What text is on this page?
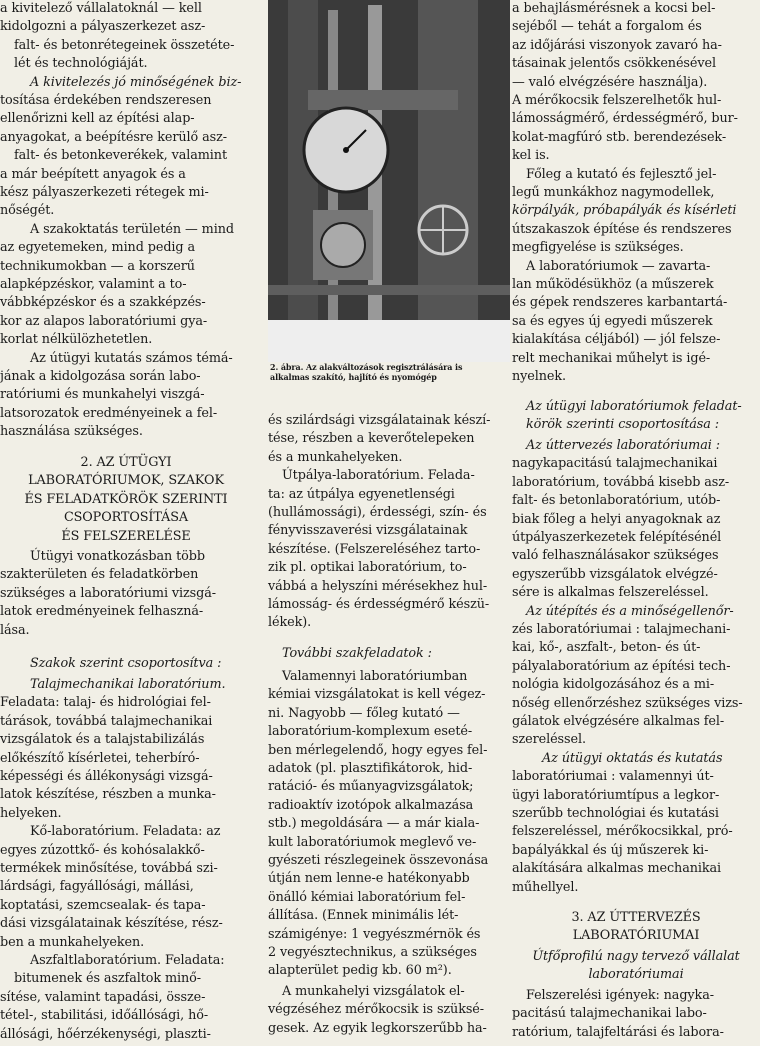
a kivitelező vállalatoknál — kell
kidolgozni a pályaszerkezet asz-
falt- és betonrétegeinek összetéte-
lét és technológiáját.
A kivitelezés jó minőségének biz-
tosítása érdekében rendszeresen
ellenőrizni kell az építési alap-
anyagokat, a beépítésre kerülő asz-
falt- és betonkeverékek, valamint
a már beépített anyagok és a
kész pályaszerkezeti rétegek mi-
nőségét.
A szakoktatás területén — mind
az egyetemeken, mind pedig a
technikumokban — a korszerű
alapképzéskor, valamint a to-
vábbképzéskor és a szakképzés-
kor az alapos laboratóriumi gya-
korlat nélkülözhetetlen.
Az útügyi kutatás számos témá-
jának a kidolgozása során labo-
ratóriumi és munkahelyi viszgá-
latsorozatok eredményeinek a fel-
használása szükséges.
2. AZ ÚTÜGYI
LABORATÓRIUMOK, SZAKOK
ÉS FELADATKÖRÖK SZERINTI
CSOPORTOSÍTÁSA
ÉS FELSZERELÉSE
Útügyi vonatkozásban több
szakterületen és feladatkörben
szükséges a laboratóriumi vizsgá-
latok eredményeinek felhaszná-
lása.
Szakok szerint csoportosítva :
Talajmechanikai laboratórium.
Feladata: talaj- és hidrológiai fel-
tárások, továbbá talajmechanikai
vizsgálatok és a talajstabilizálás
előkészítő kísérletei, teherbíró-
képességi és állékonysági vizsgá-
latok készítése, részben a munka-
helyeken.
Kő-laboratórium. Feladata: az
egyes zúzottkő- és kohósalakkő-
termékek minősítése, továbbá szi-
lárdsági, fagyállósági, mállási,
koptatási, szemcsealak- és tapa-
dási vizsgálatainak készítése, rész-
ben a munkahelyeken.
Aszfaltlaboratórium. Feladata:
bitumenek és aszfaltok minő-
sítése, valamint tapadási, össze-
tétel-, stabilitási, időállósági, hő-
állósági, hőérzékenységi, plaszti-
2. ábra. Az alakváltozások regisztrálására is
alkalmas szakító, hajlító és nyomógép
és szilárdsági vizsgálatainak készí-
tése, részben a keverőtelepeken
és a munkahelyeken.
Útpálya-laboratórium. Felada-
ta: az útpálya egyenetlenségi
(hullámossági), érdességi, szín- és
fényvisszaverési vizsgálatainak
készítése. (Felszereléséhez tarto-
zik pl. optikai laboratórium, to-
vábbá a helyszíni mérésekhez hul-
lámosság- és érdességmérő készü-
lékek).
További szakfeladatok :
Valamennyi laboratóriumban
kémiai vizsgálatokat is kell végez-
ni. Nagyobb — főleg kutató —
laboratórium-komplexum eseté-
ben mérlegelendő, hogy egyes fel-
adatok (pl. plasztifikátorok, hid-
ratáció- és műanyagvizsgálatok;
radioaktív izotópok alkalmazása
stb.) megoldására — a már kiala-
kult laboratóriumok meglevő ve-
gyészeti részlegeinek összevonása
útján nem lenne-e hatékonyabb
önálló kémiai laboratórium fel-
állítása. (Ennek minimális lét-
számigénye: 1 vegyészmérnök és
2 vegyésztechnikus, a szükséges
alapterület pedig kb. 60 m²).
A munkahelyi vizsgálatok el-
végzéséhez mérőkocsik is szüksé-
gesek. Az egyik legkorszerűbb ha-
a behajlásmérésnek a kocsi bel-
sejéből — tehát a forgalom és
az időjárási viszonyok zavaró ha-
tásainak jelentős csökkenésével
— való elvégzésére használja).
A mérőkocsik felszerelhetők hul-
lámosságmérő, érdességmérő, bur-
kolat-magfúró stb. berendezések-
kel is.
Főleg a kutató és fejlesztő jel-
legű munkákhoz nagymodellek,
körpályák, próbapályák és kísérleti
útszakaszok építése és rendszeres
megfigyelése is szükséges.
A laboratóriumok — zavarta-
lan működésükhöz (a műszerek
és gépek rendszeres karbantartá-
sa és egyes új egyedi műszerek
kialakítása céljából) — jól felsze-
relt mechanikai műhelyt is igé-
nyelnek.
Az útügyi laboratóriumok feladat-
körök szerinti csoportosítása :
Az úttervezés laboratóriumai :
nagykapacitású talajmechanikai
laboratórium, továbbá kisebb asz-
falt- és betonlaboratórium, utób-
biak főleg a helyi anyagoknak az
útpályaszerkezetek felépítésénél
való felhasználásakor szükséges
egyszerűbb vizsgálatok elvégzé-
sére is alkalmas felszereléssel.
Az útépítés és a minőségellenőr-
zés laboratóriumai : talajmechani-
kai, kő-, aszfalt-, beton- és út-
pályalaboratórium az építési tech-
nológia kidolgozásához és a mi-
nőség ellenőrzéshez szükséges vizs-
gálatok elvégzésére alkalmas fel-
szereléssel.
Az útügyi oktatás és kutatás
laboratóriumai : valamennyi út-
ügyi laboratóriumtípus a legkor-
szerűbb technológiai és kutatási
felszereléssel, mérőkocsikkal, pró-
bapályákkal és új műszerek ki-
alakítására alkalmas mechanikai
műhellyel.
3. AZ ÚTTERVEZÉS
LABORATÓRIUMAI
Útfőprofilú nagy tervező vállalat
laboratóriumai
Felszerelési igények: nagyka-
pacitású talajmechanikai labo-
ratórium, talajfeltárási és labora-
